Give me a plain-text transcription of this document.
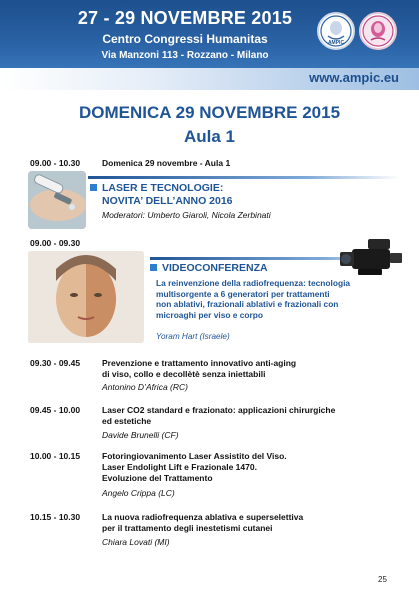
27 - 29 NOVEMBRE 2015
Centro Congressi Humanitas
Via Manzoni 113 - Rozzano - Milano
AMPIC
www.ampic.eu
DOMENICA 29 NOVEMBRE 2015
Aula 1
09.00 - 10.30	Domenica 29 novembre - Aula 1
LASER E TECNOLOGIE:
NOVITA’ DELL’ANNO 2016
Moderatori: Umberto Giaroli, Nicola Zerbinati
09.00 - 09.30
VIDEOCONFERENZA
La reinvenzione della radiofrequenza: tecnologia
multisorgente a 6 generatori per trattamenti
non ablativi, frazionali ablativi e frazionali con
microaghi per viso e corpo
Yoram Hart (Israele)
09.30 - 09.45	Prevenzione e trattamento innovativo anti-aging
di viso, collo e decollètè senza iniettabili
Antonino D’Africa (RC)
09.45 - 10.00	Laser CO2 standard e frazionato: applicazioni chirurgiche
ed estetiche
Davide Brunelli (CF)
10.00 - 10.15	Fotoringiovanimento Laser Assistito del Viso.
Laser Endolight Lift e Frazionale 1470.
Evoluzione del Trattamento
Angelo Crippa (LC)
10.15 - 10.30	La nuova radiofrequenza ablativa e superselettiva
per il trattamento degli inestetismi cutanei
Chiara Lovati (MI)
25
